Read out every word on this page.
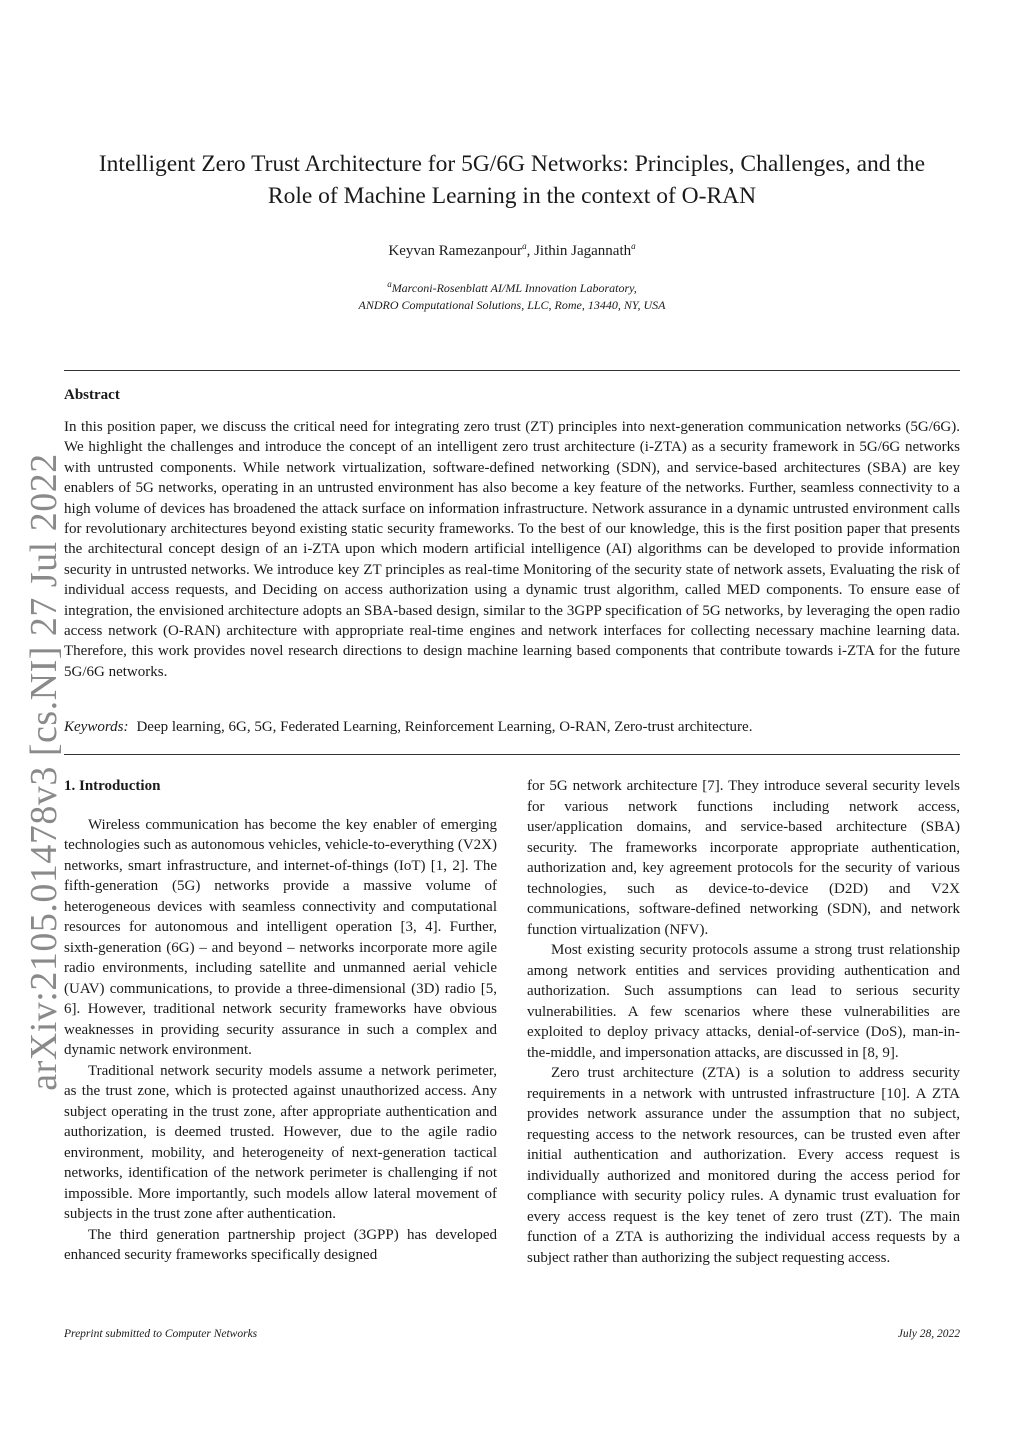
arXiv:2105.01478v3 [cs.NI] 27 Jul 2022
Intelligent Zero Trust Architecture for 5G/6G Networks: Principles, Challenges, and the
Role of Machine Learning in the context of O-RAN
Keyvan Ramezanpour$^a$, Jithin Jagannath$^a$
$^a$Marconi-Rosenblatt AI/ML Innovation Laboratory,
ANDRO Computational Solutions, LLC, Rome, 13440, NY, USA
Abstract

In this position paper, we discuss the critical need for integrating zero trust (ZT) principles into next-generation communication networks (5G/6G). We highlight the challenges and introduce the concept of an intelligent zero trust architecture (i-ZTA) as a security framework in 5G/6G networks with untrusted components. While network virtualization, software-defined networking (SDN), and service-based architectures (SBA) are key enablers of 5G networks, operating in an untrusted environment has also become a key feature of the networks. Further, seamless connectivity to a high volume of devices has broadened the attack surface on information infrastructure. Network assurance in a dynamic untrusted environment calls for revolutionary architectures beyond existing static security frameworks. To the best of our knowledge, this is the first position paper that presents the architectural concept design of an i-ZTA upon which modern artificial intelligence (AI) algorithms can be developed to provide information security in untrusted networks. We introduce key ZT principles as real-time Monitoring of the security state of network assets, Evaluating the risk of individual access requests, and Deciding on access authorization using a dynamic trust algorithm, called MED components. To ensure ease of integration, the envisioned architecture adopts an SBA-based design, similar to the 3GPP specification of 5G networks, by leveraging the open radio access network (O-RAN) architecture with appropriate real-time engines and network interfaces for collecting necessary machine learning data. Therefore, this work provides novel research directions to design machine learning based components that contribute towards i-ZTA for the future 5G/6G networks.

Keywords: Deep learning, 6G, 5G, Federated Learning, Reinforcement Learning, O-RAN, Zero-trust architecture.
1. Introduction

Wireless communication has become the key enabler of emerging technologies such as autonomous vehicles, vehicle-to-everything (V2X) networks, smart infrastructure, and internet-of-things (IoT) [1, 2]. The fifth-generation (5G) networks provide a massive volume of heterogeneous devices with seamless connectivity and computational resources for autonomous and intelligent operation [3, 4]. Further, sixth-generation (6G) – and beyond – networks incorporate more agile radio environments, including satellite and unmanned aerial vehicle (UAV) communications, to provide a three-dimensional (3D) radio [5, 6]. However, traditional network security frameworks have obvious weaknesses in providing security assurance in such a complex and dynamic network environment.

Traditional network security models assume a network perimeter, as the trust zone, which is protected against unauthorized access. Any subject operating in the trust zone, after appropriate authentication and authorization, is deemed trusted. However, due to the agile radio environment, mobility, and heterogeneity of next-generation tactical networks, identification of the network perimeter is challenging if not impossible. More importantly, such models allow lateral movement of subjects in the trust zone after authentication.

The third generation partnership project (3GPP) has developed enhanced security frameworks specifically designed

for 5G network architecture [7]. They introduce several security levels for various network functions including network access, user/application domains, and service-based architecture (SBA) security. The frameworks incorporate appropriate authentication, authorization and, key agreement protocols for the security of various technologies, such as device-to-device (D2D) and V2X communications, software-defined networking (SDN), and network function virtualization (NFV).

Most existing security protocols assume a strong trust relationship among network entities and services providing authentication and authorization. Such assumptions can lead to serious security vulnerabilities. A few scenarios where these vulnerabilities are exploited to deploy privacy attacks, denial-of-service (DoS), man-in-the-middle, and impersonation attacks, are discussed in [8, 9].

Zero trust architecture (ZTA) is a solution to address security requirements in a network with untrusted infrastructure [10]. A ZTA provides network assurance under the assumption that no subject, requesting access to the network resources, can be trusted even after initial authentication and authorization. Every access request is individually authorized and monitored during the access period for compliance with security policy rules. A dynamic trust evaluation for every access request is the key tenet of zero trust (ZT). The main function of a ZTA is authorizing the individual access requests by a subject rather than authorizing the subject requesting access.

Preprint submitted to Computer Networks	July 28, 2022
